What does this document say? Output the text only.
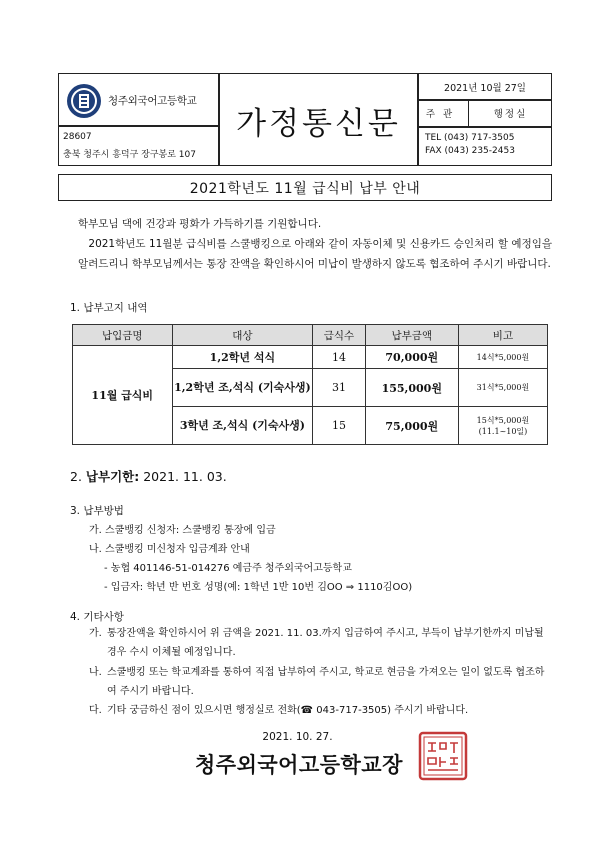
청주외국어고등학교
28607
충북 청주시 흥덕구 장구봉로 107
가정통신문
2021년 10월 27일
주관	행정실
TEL (043) 717-3505
FAX (043) 235-2453
2021학년도 11월 급식비 납부 안내
학부모님 댁에 건강과 평화가 가득하기를 기원합니다.
2021학년도 11월분 급식비를 스쿨뱅킹으로 아래와 같이 자동이체 및 신용카드 승인처리 할 예정임을 알려드리니 학부모님께서는 통장 잔액을 확인하시어 미납이 발생하지 않도록 협조하여 주시기 바랍니다.
1. 납부고지 내역
납입금명	대상	급식수	납부금액	비고
11월 급식비	1,2학년 석식	14	70,000원	14식*5,000원
	1,2학년 조,석식 (기숙사생)	31	155,000원	31식*5,000원
	3학년 조,석식 (기숙사생)	15	75,000원	15식*5,000원
(11.1~10일)
2. 납부기한: 2021. 11. 03.
3. 납부방법
가. 스쿨뱅킹 신청자: 스쿨뱅킹 통장에 입금
나. 스쿨뱅킹 미신청자 입금계좌 안내
- 농협 401146-51-014276 예금주 청주외국어고등학교
- 입금자: 학년 반 번호 성명(예: 1학년 1반 10번 김OO ⇒ 1110김OO)
4. 기타사항
가. 통장잔액을 확인하시어 위 금액을 2021. 11. 03.까지 입금하여 주시고, 부득이 납부기한까지 미납될 경우 수시 이체될 예정입니다.
나. 스쿨뱅킹 또는 학교계좌를 통하여 직접 납부하여 주시고, 학교로 현금을 가져오는 일이 없도록 협조하여 주시기 바랍니다.
다. 기타 궁금하신 점이 있으시면 행정실로 전화(☎ 043-717-3505) 주시기 바랍니다.
2021. 10. 27.
청주외국어고등학교장
